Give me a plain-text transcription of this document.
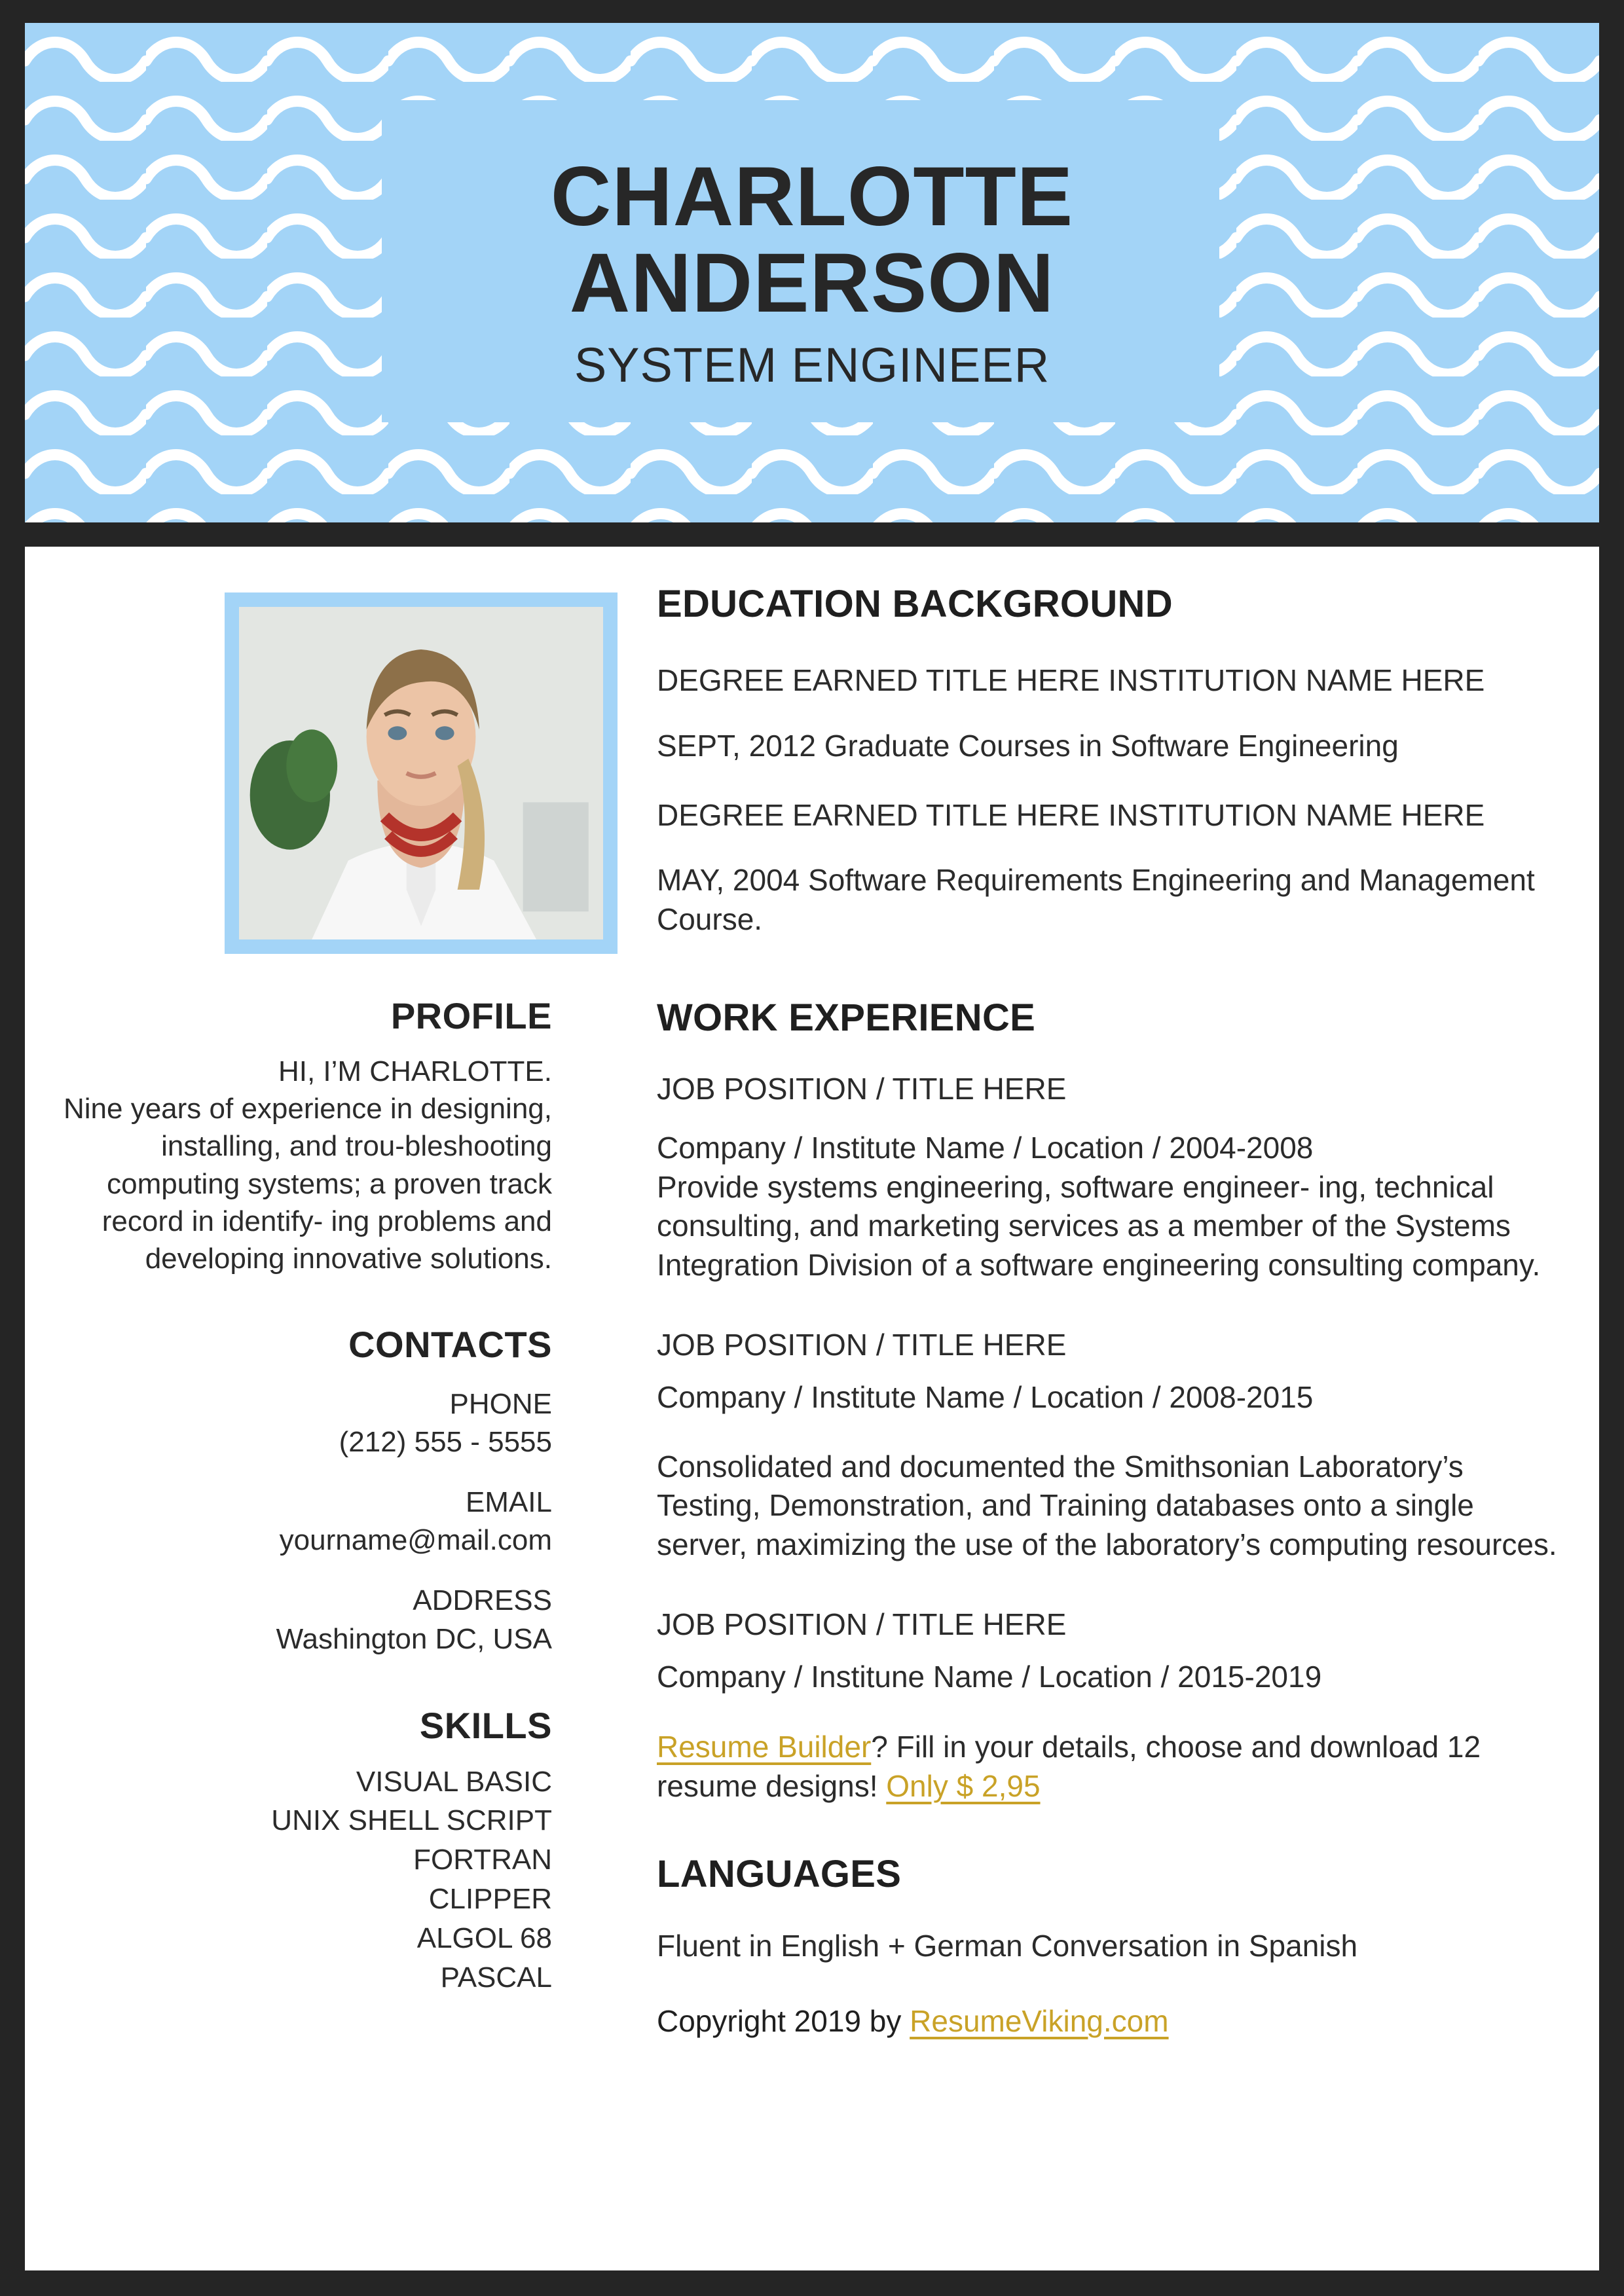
CHARLOTTE
ANDERSON
SYSTEM ENGINEER
PROFILE

HI, I’M CHARLOTTE.

Nine years of experience in designing, installing, and trou-bleshooting computing systems; a proven track record in identify- ing problems and developing innovative solutions.

CONTACTS
PHONE
(212) 555 - 5555
EMAIL
yourname@mail.com
ADDRESS
Washington DC, USA
SKILLS
VISUAL BASIC
UNIX SHELL SCRIPT
FORTRAN
CLIPPER
ALGOL 68
PASCAL
EDUCATION BACKGROUND

DEGREE EARNED TITLE HERE INSTITUTION NAME HERE

SEPT, 2012 Graduate Courses in Software Engineering

DEGREE EARNED TITLE HERE INSTITUTION NAME HERE

MAY, 2004 Software Requirements Engineering and Management Course.

WORK EXPERIENCE

JOB POSITION / TITLE HERE

Company / Institute Name / Location / 2004-2008

Provide systems engineering, software engineer- ing, technical consulting, and marketing services as a member of the Systems Integration Division of a software engineering consulting company.

JOB POSITION / TITLE HERE

Company / Institute Name / Location / 2008-2015

Consolidated and documented the Smithsonian Laboratory’s Testing, Demonstration, and Training databases onto a single server, maximizing the use of the laboratory’s computing resources.

JOB POSITION / TITLE HERE

Company / Institune Name / Location / 2015-2019

Resume Builder? Fill in your details, choose and download 12 resume designs! Only $ 2,95

LANGUAGES

Fluent in English + German Conversation in Spanish

Copyright 2019 by ResumeViking.com
